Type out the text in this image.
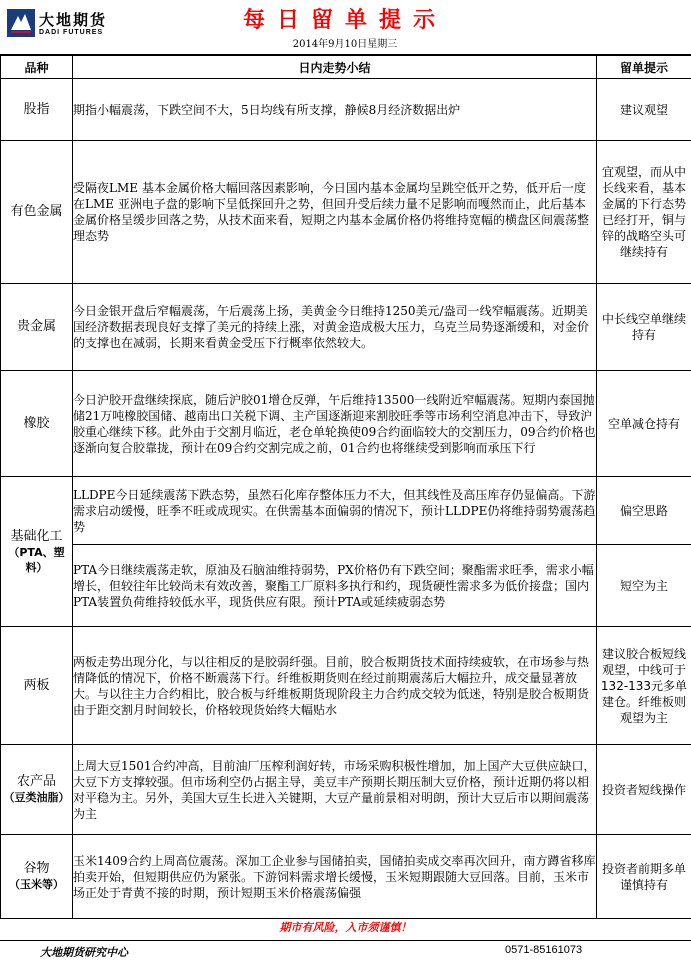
大地期货
DADI FUTURES	每日留单提示
2014年9月10日星期三
品种	日内走势小结	留单提示
股指	期指小幅震荡，下跌空间不大，5日均线有所支撑，静候8月经济数据出炉	建议观望
有色金属	受隔夜LME 基本金属价格大幅回落因素影响，今日国内基本金属均呈跳空低开之势，低开后一度在LME 亚洲电子盘的影响下呈低探回升之势，但回升受后续力量不足影响而嘎然而止，此后基本金属价格呈缓步回落之势，从技术面来看，短期之内基本金属价格仍将维持宽幅的横盘区间震荡整理态势	宜观望，而从中长线来看，基本金属的下行态势已经打开，铜与锌的战略空头可继续持有
贵金属	今日金银开盘后窄幅震荡，午后震荡上扬，美黄金今日维持1250美元/盎司一线窄幅震荡。近期美国经济数据表现良好支撑了美元的持续上涨，对黄金造成极大压力，乌克兰局势逐渐缓和，对金价的支撑也在减弱，长期来看黄金受压下行概率依然较大。	中长线空单继续持有
橡胶	今日沪胶开盘继续探底，随后沪胶01增仓反弹，午后维持13500一线附近窄幅震荡。短期内泰国抛储21万吨橡胶国储、越南出口关税下调、主产国逐渐迎来割胶旺季等市场利空消息冲击下，导致沪胶重心继续下移。此外由于交割月临近，老仓单轮换使09合约面临较大的交割压力，09合约价格也逐渐向复合胶靠拢，预计在09合约交割完成之前，01合约也将继续受到影响而承压下行	空单减仓持有
基础化工
（PTA、塑料）	LLDPE今日延续震荡下跌态势，虽然石化库存整体压力不大，但其线性及高压库存仍显偏高。下游需求启动缓慢，旺季不旺或成现实。在供需基本面偏弱的情况下，预计LLDPE仍将维持弱势震荡趋势	偏空思路
	PTA今日继续震荡走软，原油及石脑油维持弱势，PX价格仍有下跌空间；聚酯需求旺季，需求小幅增长，但较往年比较尚未有效改善，聚酯工厂原料多执行和约，现货硬性需求多为低价接盘；国内PTA装置负荷维持较低水平，现货供应有限。预计PTA或延续疲弱态势	短空为主
两板	两板走势出现分化，与以往相反的是胶弱纤强。目前，胶合板期货技术面持续疲软，在市场参与热情降低的情况下，价格不断震荡下行。纤维板期货则在经过前期震荡后大幅拉升，成交量显著放大。与以往主力合约相比，胶合板与纤维板期货现阶段主力合约成交较为低迷，特别是胶合板期货由于距交割月时间较长，价格较现货始终大幅贴水	建议胶合板短线观望，中线可于132-133元多单建仓。纤维板则观望为主
农产品
（豆类油脂）	上周大豆1501合约冲高，目前油厂压榨利润好转，市场采购积极性增加，加上国产大豆供应缺口，大豆下方支撑较强。但市场利空仍占据主导，美豆丰产预期长期压制大豆价格，预计近期仍将以相对平稳为主。另外，美国大豆生长进入关键期，大豆产量前景相对明朗，预计大豆后市以期间震荡为主	投资者短线操作
谷物
（玉米等）	玉米1409合约上周高位震荡。深加工企业参与国储拍卖，国储拍卖成交率再次回升，南方蹲省移库拍卖开始，但短期供应仍为紧张。下游饲料需求增长缓慢，玉米短期跟随大豆回落。目前，玉米市场正处于青黄不接的时期，预计短期玉米价格震荡偏强	投资者前期多单谨慎持有
期市有风险，入市须谨慎！
大地期货研究中心	0571-85161073
